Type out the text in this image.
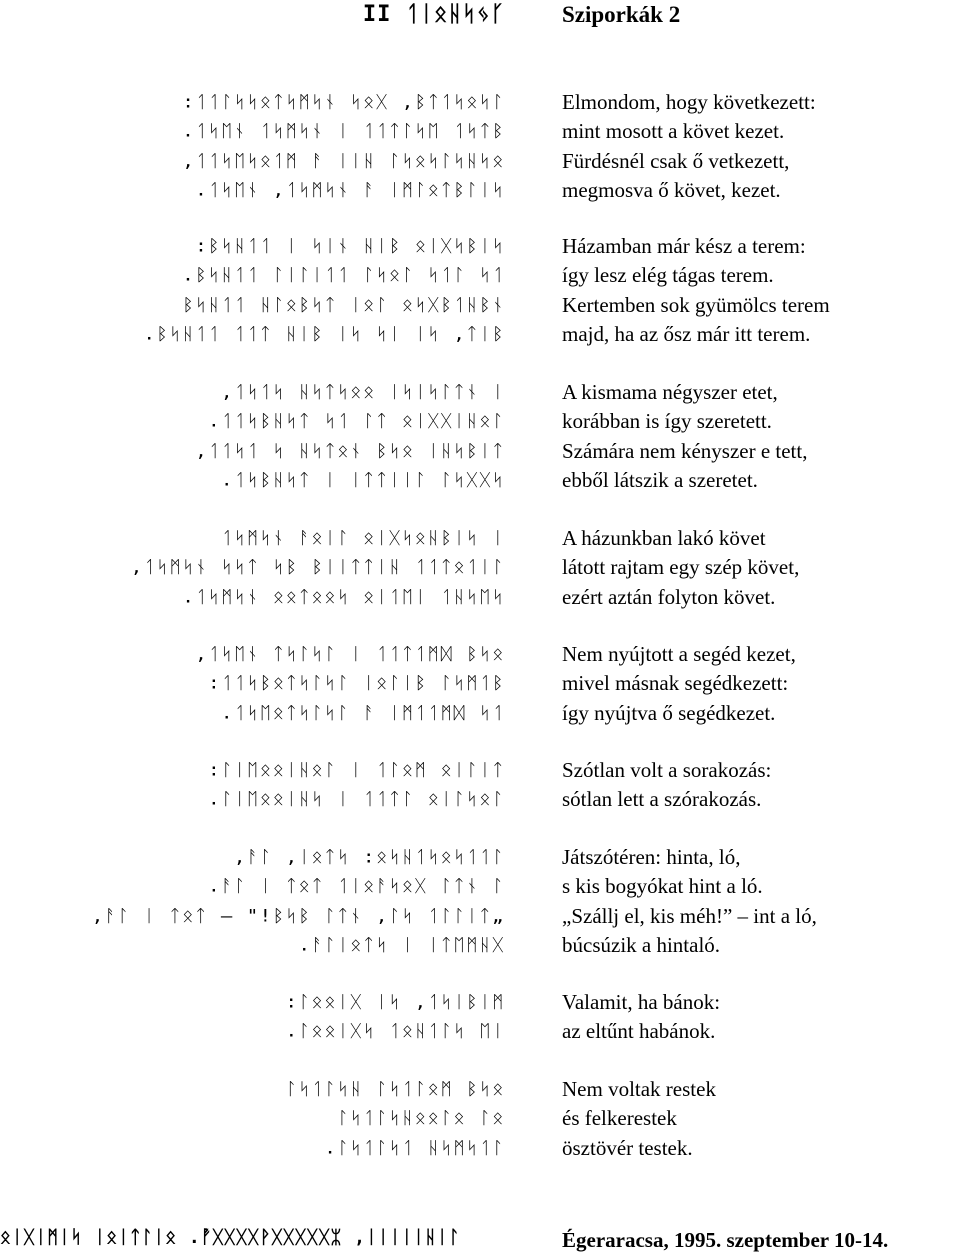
II ᛐᛁᛟᚺᛋᛃᚴ
:ᛐᛐᛚᛋᛋᛟᛏᛋᛗᛋᚾ ᛋᛟᚷ ,ᛒᛏᛐᛋᛟᛋᛚ
.ᛐᛋᛖᚾ ᛐᛋᛗᛋᚾ ᛁ ᛐᛐᛏᛚᛋᛖ ᛐᛋᛏᛒ
,ᛐᛐᛋᛖᛋᛟᛐᛗ ᚨ ᛁᛁᚺ ᛚᛋᛟᛋᛚᛋᚺᛋᛟ
.ᛐᛋᛖᚾ ,ᛐᛋᛗᛋᚾ ᚨ ᛁᛗᛚᛟᛏᛒᛚᛁᛋ
:ᛒᛋᚺᛐᛐ ᛁ ᛋᛁᚾ ᚺᛁᛒ ᛟᛁᚷᛋᛒᛁᛋ
.ᛒᛋᚺᛐᛐ ᛚᛁᛚᛁᛐᛐ ᛚᛋᛟᛚ ᛋᛐᛚ ᛋᛐ
ᛒᛋᚺᛐᛐ ᚺᛚᛟᛒᛋᛏ ᛁᛟᛚ ᛟᛋᚷᛒᛐᚺᛒᚾ
.ᛒᛋᚺᛐᛐ ᛐᛐᛏ ᚺᛁᛒ ᛁᛋ ᛋᛁ ᛁᛋ ,ᛏᛁᛒ
,ᛐᛋᛐᛋ ᚺᛋᛏᛋᛟᛟ ᛁᛋᛁᛋᛚᛏᚾ ᛁ
.ᛐᛐᛋᛒᚺᛋᛏ ᛋᛐ ᛚᛏ ᛟᛁᚷᚷᛁᚺᛟᛚ
,ᛐᛐᛋᛐ ᛋ ᚺᛋᛏᛟᚾ ᛒᛋᛟ ᛁᚺᛋᛒᛁᛏ
.ᛐᛋᛒᚺᛋᛏ ᛁ ᛁᛏᛏᛁᛁᛚ ᛚᛋᚷᚷᛋ
ᛐᛋᛗᛋᚾ ᚨᛟᛁᛚ ᛟᛁᚷᛋᛟᚺᛒᛁᛋ ᛁ
,ᛐᛋᛗᛋᚾ ᛋᛋᛏ ᛋᛒ ᛒᛁᛁᛏᛏᛁᚺ ᛐᛐᛏᛟᛐᛁᛚ
.ᛐᛋᛗᛋᚾ ᛟᛟᛏᛟᛟᛋ ᛟᛁᛐᛖᛁ ᛐᚺᛋᛖᛋ
,ᛐᛋᛖᚾ ᛏᛋᛚᛋᛚ ᛁ ᛐᛐᛏᛐᛗᛞ ᛒᛋᛟ
:ᛐᛐᛋᛒᛟᛏᛋᛚᛋᛚ ᛁᛟᛚᛁᛒ ᛚᛋᛗᛐᛒ
.ᛐᛋᛖᛟᛏᛋᛚᛋᛚ ᚨ ᛁᛗᛐᛐᛗᛞ ᛋᛐ
:ᛚᛁᛖᛟᛟᛁᚺᛟᛚ ᛁ ᛐᛚᛟᛗ ᛟᛁᛚᛁᛏ
.ᛚᛁᛖᛟᛟᛁᚺᛋ ᛁ ᛐᛐᛏᛚ ᛟᛁᛚᛋᛟᛚ
,ᚨᛚ ,ᛁᛟᛏᛋ :ᛟᛋᚺᛐᛋᛟᛋᛐᛐᛚ
.ᚨᛚ ᛁ ᛏᛟᛏ ᛐᛁᛟᚨᛋᛟᚷ ᛚᛏᚾ ᛚ
,ᚨᛚ ᛁ ᛏᛟᛏ – "!ᛒᛋᛒ ᛚᛏᚾ ,ᛚᛋ ᛐᛚᛚᛁᛏ„
.ᚨᛚᛁᛟᛏᛋ ᛁ ᛁᛏᛖᛗᚺᚷ
:ᛚᛟᛟᛁᚷ ᛁᛋ ,ᛐᛋᛁᛒᛁᛗ
.ᛚᛟᛟᛁᚷᛋ ᛐᛟᚺᛐᛚᛋ ᛖᛁ
ᛚᛋᛐᛚᛋᚺ ᛚᛋᛐᛚᛟᛗ ᛒᛋᛟ
ᛚᛋᛐᛚᛋᚺᛟᛟᛚᛟ ᛚᛟ
.ᛚᛋᛐᛚᛋᛐ ᚺᛋᛗᛋᛐᛚ
Sziporkák 2
Elmondom, hogy következett:
mint mosott a követ kezet.
Fürdésnél csak ő vetkezett,
megmosva ő követ, kezet.
Házamban már kész a terem:
így lesz elég tágas terem.
Kertemben sok gyümölcs terem
majd, ha az ősz már itt terem.
A kismama négyszer etet,
korábban is így szeretett.
Számára nem kényszer e tett,
ebből látszik a szeretet.
A házunkban lakó követ
látott rajtam egy szép követ,
ezért aztán folyton követ.
Nem nyújtott a segéd kezet,
mivel másnak segédkezett:
így nyújtva ő segédkezet.
Szótlan volt a sorakozás:
sótlan lett a szórakozás.
Játszótéren: hinta, ló,
s kis bogyókat hint a ló.
„Szállj el, kis méh!” – int a ló,
búcsúzik a hintaló.
Valamit, ha bánok:
az eltűnt habánok.
Nem voltak restek
és felkerestek
ösztövér testek.
ᛟᛁᚷᛁᛗᛁᛋ ᛁᛟᛁᛏᛚᛁᛟ .ᚡᚷᚷᚷᚷᚹᚷᚷᚷᚷᚷᛯ ,ᛁᛁᛁᛁᛁᚺᛁᛚ	Égeraracsa, 1995. szeptember 10-14.
